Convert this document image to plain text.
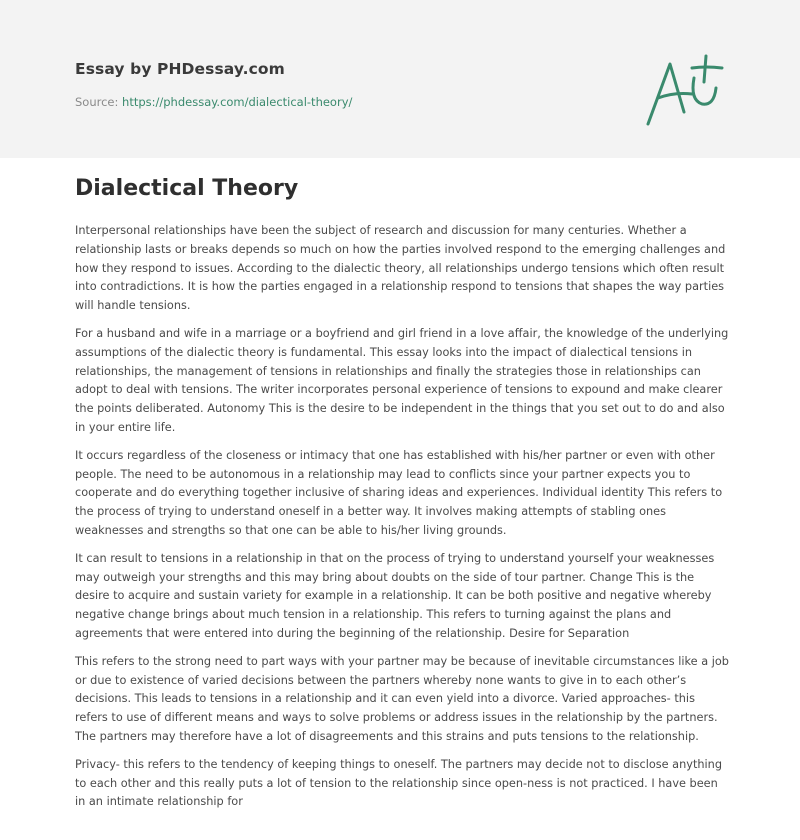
Essay by PHDessay.com
Source: https://phdessay.com/dialectical-theory/
Dialectical Theory

Interpersonal relationships have been the subject of research and discussion for many centuries. Whether a relationship lasts or breaks depends so much on how the parties involved respond to the emerging challenges and how they respond to issues. According to the dialectic theory, all relationships undergo tensions which often result into contradictions. It is how the parties engaged in a relationship respond to tensions that shapes the way parties will handle tensions.

For a husband and wife in a marriage or a boyfriend and girl friend in a love affair, the knowledge of the underlying assumptions of the dialectic theory is fundamental. This essay looks into the impact of dialectical tensions in relationships, the management of tensions in relationships and finally the strategies those in relationships can adopt to deal with tensions. The writer incorporates personal experience of tensions to expound and make clearer the points deliberated. Autonomy This is the desire to be independent in the things that you set out to do and also in your entire life.

It occurs regardless of the closeness or intimacy that one has established with his/her partner or even with other people. The need to be autonomous in a relationship may lead to conflicts since your partner expects you to cooperate and do everything together inclusive of sharing ideas and experiences. Individual identity This refers to the process of trying to understand oneself in a better way. It involves making attempts of stabling ones weaknesses and strengths so that one can be able to his/her living grounds.

It can result to tensions in a relationship in that on the process of trying to understand yourself your weaknesses may outweigh your strengths and this may bring about doubts on the side of tour partner. Change This is the desire to acquire and sustain variety for example in a relationship. It can be both positive and negative whereby negative change brings about much tension in a relationship. This refers to turning against the plans and agreements that were entered into during the beginning of the relationship. Desire for Separation

This refers to the strong need to part ways with your partner may be because of inevitable circumstances like a job or due to existence of varied decisions between the partners whereby none wants to give in to each other’s decisions. This leads to tensions in a relationship and it can even yield into a divorce. Varied approaches- this refers to use of different means and ways to solve problems or address issues in the relationship by the partners. The partners may therefore have a lot of disagreements and this strains and puts tensions to the relationship.

Privacy- this refers to the tendency of keeping things to oneself. The partners may decide not to disclose anything to each other and this really puts a lot of tension to the relationship since open-ness is not practiced. I have been in an intimate relationship for
